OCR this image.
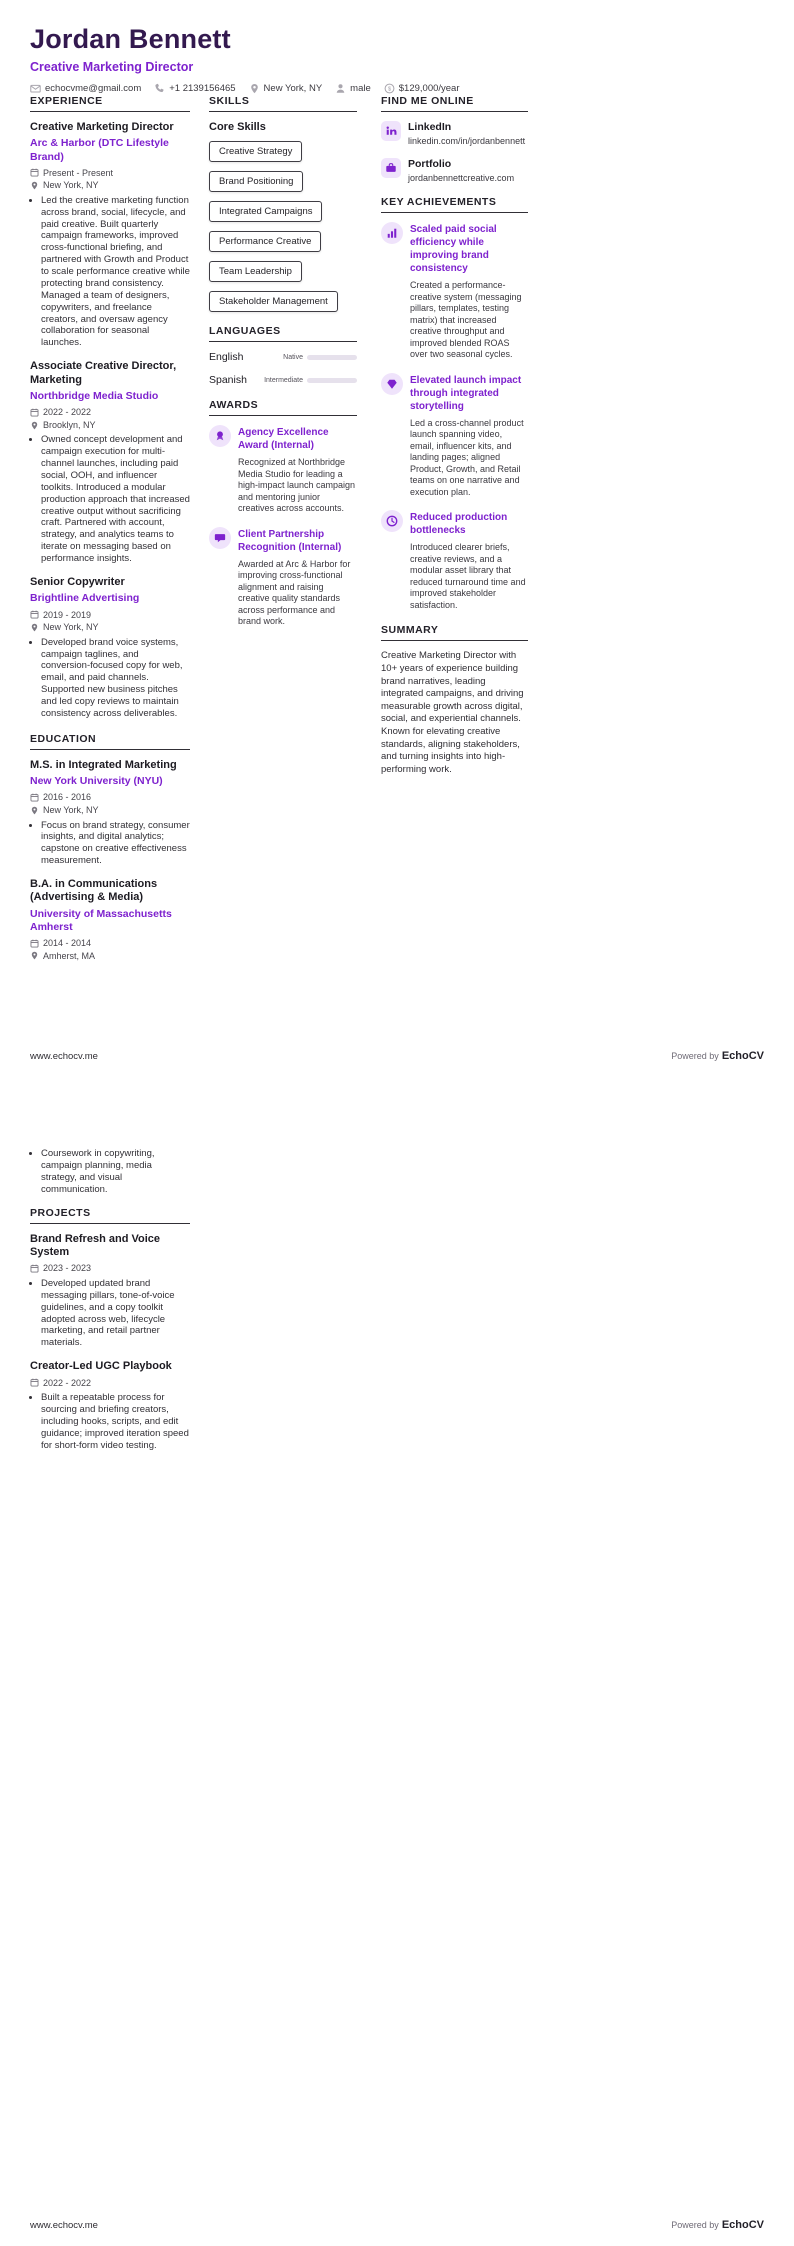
Jordan Bennett
Creative Marketing Director
echocvme@gmail.com	+1 2139156465	New York, NY	male $ $129,000/year
EXPERIENCE
Creative Marketing Director
Arc & Harbor (DTC Lifestyle Brand)
Present - Present
New York, NY
• Led the creative marketing function across brand, social, lifecycle, and paid creative. Built quarterly campaign frameworks, improved cross-functional briefing, and partnered with Growth and Product to scale performance creative while protecting brand consistency. Managed a team of designers, copywriters, and freelance creators, and oversaw agency collaboration for seasonal launches.
Associate Creative Director, Marketing
Northbridge Media Studio
2022 - 2022
Brooklyn, NY
• Owned concept development and campaign execution for multi-channel launches, including paid social, OOH, and influencer toolkits. Introduced a modular production approach that increased creative output without sacrificing craft. Partnered with account, strategy, and analytics teams to iterate on messaging based on performance insights.
Senior Copywriter
Brightline Advertising
2019 - 2019
New York, NY
• Developed brand voice systems, campaign taglines, and conversion-focused copy for web, email, and paid channels. Supported new business pitches and led copy reviews to maintain consistency across deliverables.
EDUCATION
M.S. in Integrated Marketing
New York University (NYU)
2016 - 2016
New York, NY
• Focus on brand strategy, consumer insights, and digital analytics; capstone on creative effectiveness measurement.
B.A. in Communications (Advertising & Media)
University of Massachusetts Amherst
2014 - 2014
Amherst, MA
SKILLS
Core Skills
Creative Strategy
Brand Positioning
Integrated Campaigns
Performance Creative
Team Leadership
Stakeholder Management
LANGUAGES
English	Native
Spanish	Intermediate
AWARDS
Agency Excellence Award (Internal)

Recognized at Northbridge Media Studio for leading a high-impact launch campaign and mentoring junior creatives across accounts.

Client Partnership Recognition (Internal)

Awarded at Arc & Harbor for improving cross-functional alignment and raising creative quality standards across performance and brand work.

FIND ME ONLINE
LinkedIn
linkedin.com/in/jordanbennett
Portfolio
jordanbennettcreative.com
KEY ACHIEVEMENTS
Scaled paid social efficiency while improving brand consistency

Created a performance-creative system (messaging pillars, templates, testing matrix) that increased creative throughput and improved blended ROAS over two seasonal cycles.

Elevated launch impact through integrated storytelling

Led a cross-channel product launch spanning video, email, influencer kits, and landing pages; aligned Product, Growth, and Retail teams on one narrative and execution plan.

Reduced production bottlenecks

Introduced clearer briefs, creative reviews, and a modular asset library that reduced turnaround time and improved stakeholder satisfaction.

SUMMARY

Creative Marketing Director with 10+ years of experience building brand narratives, leading integrated campaigns, and driving measurable growth across digital, social, and experiential channels. Known for elevating creative standards, aligning stakeholders, and turning insights into high-performing work.

www.echocv.me	Powered by EchoCV
• Coursework in copywriting, campaign planning, media strategy, and visual communication.
PROJECTS
Brand Refresh and Voice System
2023 - 2023
• Developed updated brand messaging pillars, tone-of-voice guidelines, and a copy toolkit adopted across web, lifecycle marketing, and retail partner materials.
Creator-Led UGC Playbook
2022 - 2022
• Built a repeatable process for sourcing and briefing creators, including hooks, scripts, and edit guidance; improved iteration speed for short-form video testing.
www.echocv.me	Powered by EchoCV
